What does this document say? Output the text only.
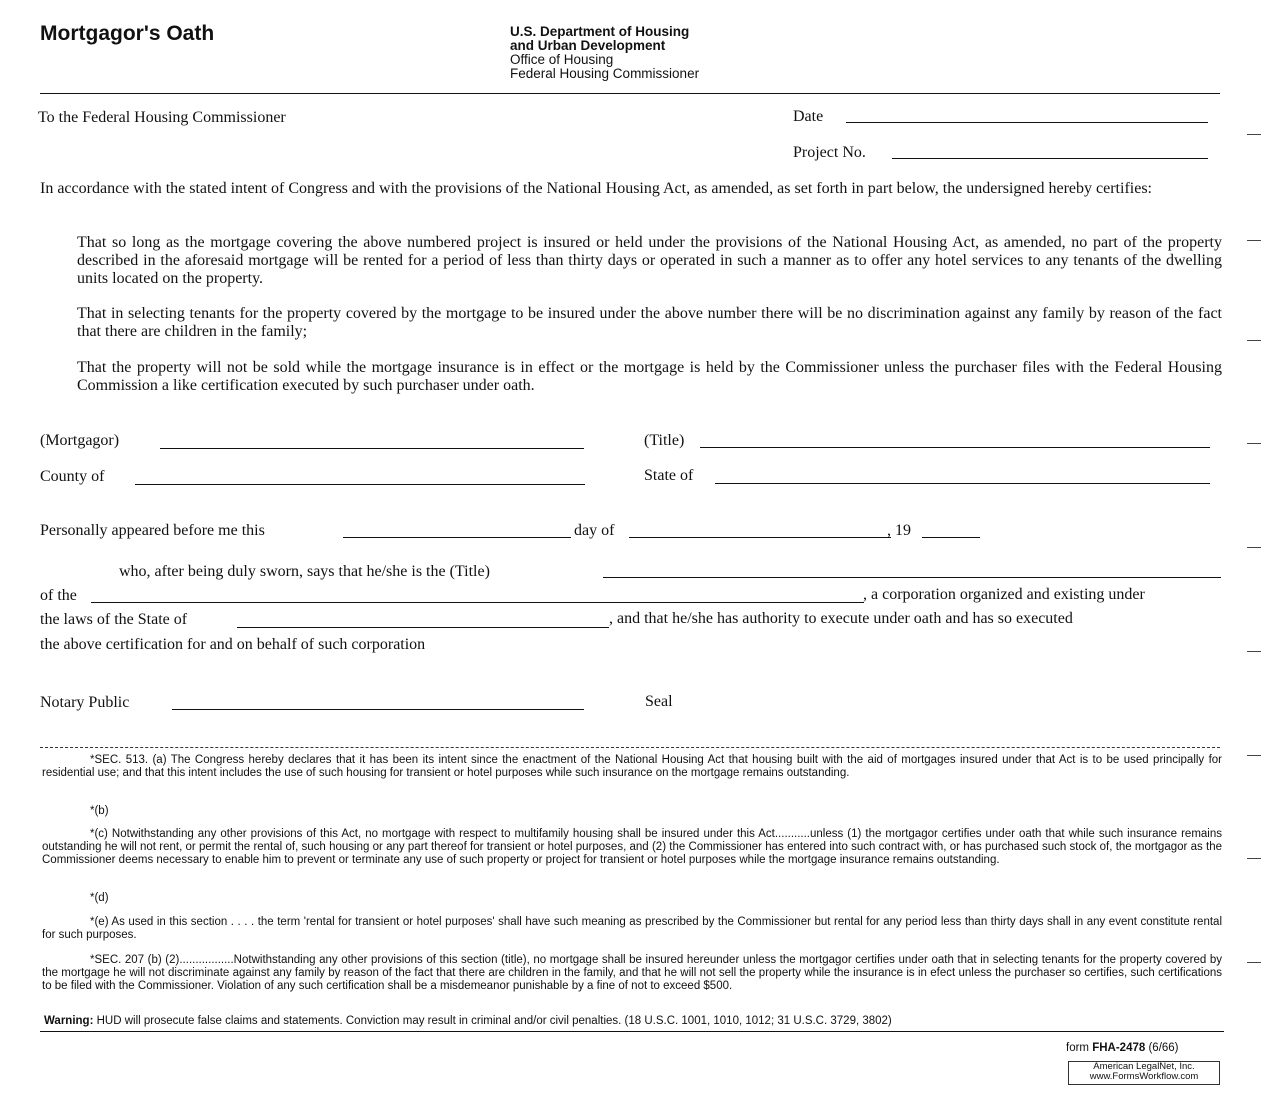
Mortgagor's Oath	U.S. Department of Housing
and Urban Development
Office of Housing
Federal Housing Commissioner
To the Federal Housing Commissioner	Date
Project No.
In accordance with the stated intent of Congress and with the provisions of the National Housing Act, as amended, as set forth in part below, the undersigned hereby certifies:
That so long as the mortgage covering the above numbered project is insured or held under the provisions of the National Housing Act, as amended, no part of the property described in the aforesaid mortgage will be rented for a period of less than thirty days or operated in such a manner as to offer any hotel services to any tenants of the dwelling units located on the property.
That in selecting tenants for the property covered by the mortgage to be insured under the above number there will be no discrimination against any family by reason of the fact that there are children in the family;
That the property will not be sold while the mortgage insurance is in effect or the mortgage is held by the Commissioner unless the purchaser files with the Federal Housing Commission a like certification executed by such purchaser under oath.
(Mortgagor)	(Title)
County of	State of
Personally appeared before me this	day of	, 19
who, after being duly sworn, says that he/she is the (Title)
of the	, a corporation organized and existing under
the laws of the State of	, and that he/she has authority to execute under oath and has so executed
the above certification for and on behalf of such corporation
Notary Public	Seal
*SEC. 513. (a) The Congress hereby declares that it has been its intent since the enactment of the National Housing Act that housing built with the aid of mortgages insured under that Act is to be used principally for residential use; and that this intent includes the use of such housing for transient or hotel purposes while such insurance on the mortgage remains outstanding.
*(b)
*(c) Notwithstanding any other provisions of this Act, no mortgage with respect to multifamily housing shall be insured under this Act...........unless (1) the mortgagor certifies under oath that while such insurance remains outstanding he will not rent, or permit the rental of, such housing or any part thereof for transient or hotel purposes, and (2) the Commissioner has entered into such contract with, or has purchased such stock of, the mortgagor as the Commissioner deems necessary to enable him to prevent or terminate any use of such property or project for transient or hotel purposes while the mortgage insurance remains outstanding.
*(d)
*(e) As used in this section . . . . the term 'rental for transient or hotel purposes' shall have such meaning as prescribed by the Commissioner but rental for any period less than thirty days shall in any event constitute rental for such purposes.
*SEC. 207 (b) (2).................Notwithstanding any other provisions of this section (title), no mortgage shall be insured hereunder unless the mortgagor certifies under oath that in selecting tenants for the property covered by the mortgage he will not discriminate against any family by reason of the fact that there are children in the family, and that he will not sell the property while the insurance is in efect unless the purchaser so certifies, such certifications to be filed with the Commissioner. Violation of any such certification shall be a misdemeanor punishable by a fine of not to exceed $500.
Warning: HUD will prosecute false claims and statements. Conviction may result in criminal and/or civil penalties. (18 U.S.C. 1001, 1010, 1012; 31 U.S.C. 3729, 3802)
form FHA-2478 (6/66)
American LegalNet, Inc.
www.FormsWorkflow.com
